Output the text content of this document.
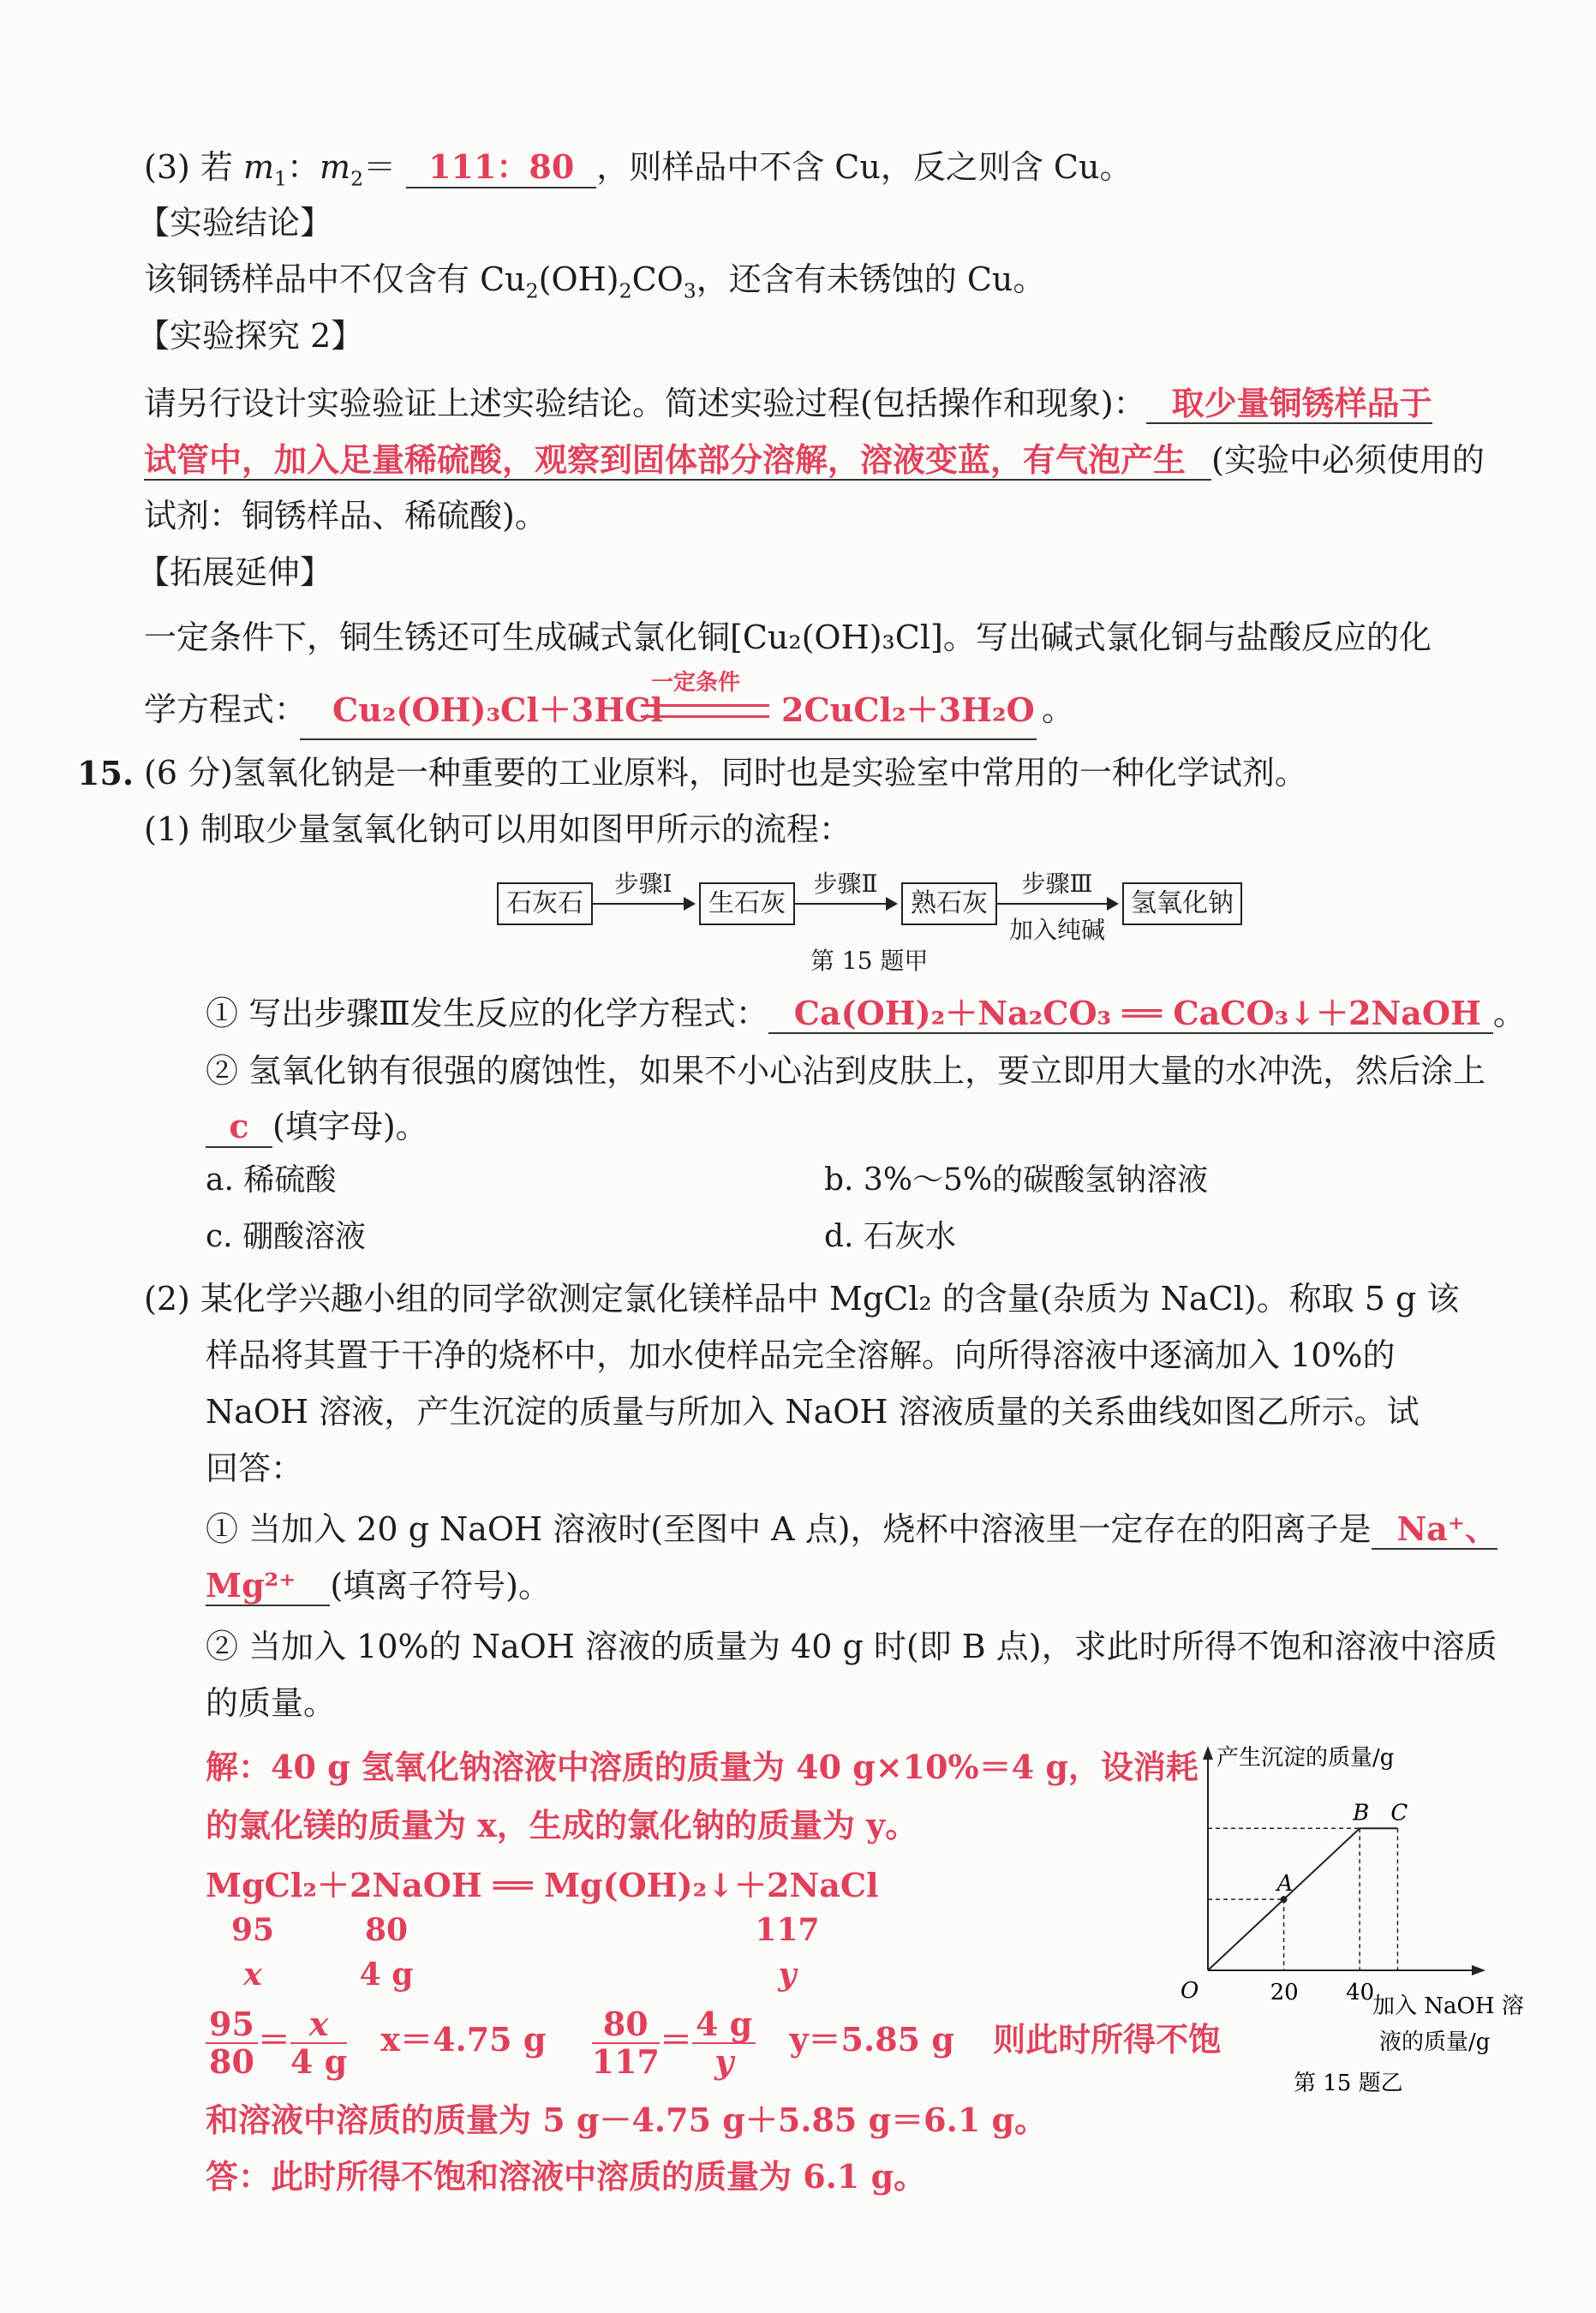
(3) 若 $m_1$：$m_2= 111$：80 ，则样品中不含 Cu，反之则含 Cu。
【实验结论】
该铜锈样品中不仅含有 $Cu_2(OH)_2CO_3$，还含有未锈蚀的 Cu。
【实验探究 2】
请另行设计实验验证上述实验结论。简述实验过程(包括操作和现象)： 取少量铜锈样品于
试管中，加入足量稀硫酸，观察到固体部分溶解，溶液变蓝，有气泡产生 (实验中必须使用的
试剂：铜锈样品、稀硫酸)。
【拓展延伸】
一定条件下，铜生锈还可生成碱式氯化铜[Cu₂(OH)₃Cl]。写出碱式氯化铜与盐酸反应的化
学方程式： Cu₂(OH)₃Cl＋3HCl
一定条件
2CuCl₂＋3H₂O 。
15. (6 分)氢氧化钠是一种重要的工业原料，同时也是实验室中常用的一种化学试剂。
(1) 制取少量氢氧化钠可以用如图甲所示的流程：
石灰石
步骤Ⅰ
生石灰
步骤Ⅱ
熟石灰
步骤Ⅲ
加入纯碱
氢氧化钠
第 15 题甲
① 写出步骤Ⅲ发生反应的化学方程式： Ca(OH)₂＋Na₂CO₃ ══ CaCO₃↓＋2NaOH 。
② 氢氧化钠有很强的腐蚀性，如果不小心沾到皮肤上，要立即用大量的水冲洗，然后涂上
c (填字母)。
a. 稀硫酸	b. 3%～5%的碳酸氢钠溶液
c. 硼酸溶液	d. 石灰水
(2) 某化学兴趣小组的同学欲测定氯化镁样品中 MgCl₂ 的含量(杂质为 NaCl)。称取 5 g 该
样品将其置于干净的烧杯中，加水使样品完全溶解。向所得溶液中逐滴加入 10%的
NaOH 溶液，产生沉淀的质量与所加入 NaOH 溶液质量的关系曲线如图乙所示。试
回答：
① 当加入 20 g NaOH 溶液时(至图中 A 点)，烧杯中溶液里一定存在的阳离子是 Na⁺、
Mg²⁺ (填离子符号)。
② 当加入 10%的 NaOH 溶液的质量为 40 g 时(即 B 点)，求此时所得不饱和溶液中溶质
的质量。
解：40 g 氢氧化钠溶液中溶质的质量为 40 g×10%＝4 g，设消耗
的氯化镁的质量为 x，生成的氯化钠的质量为 y。
MgCl₂＋2NaOH ══ Mg(OH)₂↓＋2NaCl
95	80	117
x	4 g	y
$\frac{95}{80} = \frac{x}{4 g} x=4.75$ g $\frac{80}{117} = \frac{4 g}{y} y=5.85$ g 则此时所得不饱
和溶液中溶质的质量为 5 g－4.75 g＋5.85 g＝6.1 g。
答：此时所得不饱和溶液中溶质的质量为 6.1 g。
产生沉淀的质量/g
O
加入 NaOH 溶
液的质量/g
第 15 题乙
A
B C
20 40
